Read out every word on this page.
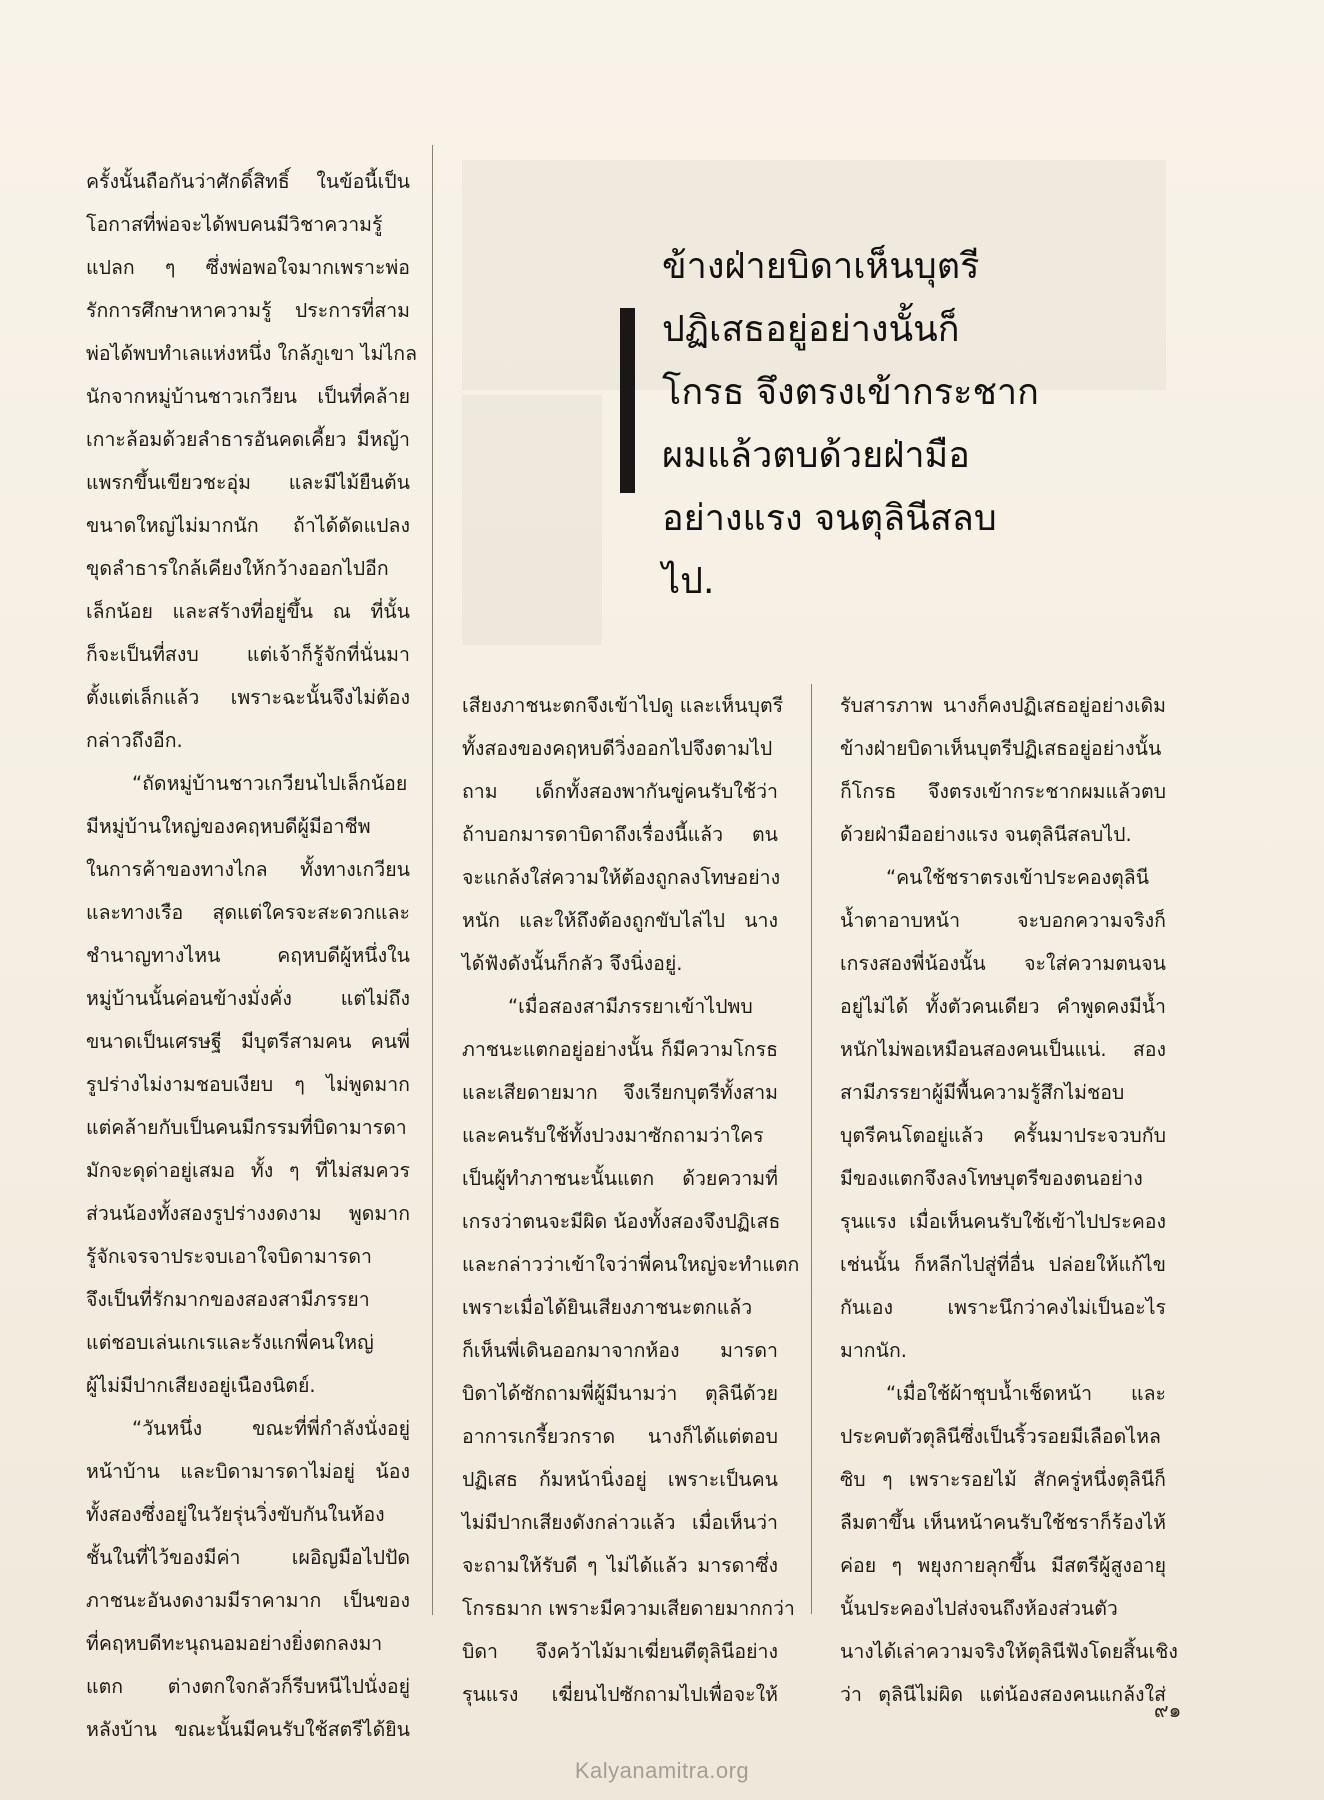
ข้างฝ่ายบิดาเห็นบุตรี

ปฏิเสธอยู่อย่างนั้นก็

โกรธ จึงตรงเข้ากระชาก

ผมแล้วตบด้วยฝ่ามือ

อย่างแรง จนตุลินีสลบ

ไป.

ครั้งนั้นถือกันว่าศักดิ์สิทธิ์ ในข้อนี้เป็น

โอกาสที่พ่อจะได้พบคนมีวิชาความรู้

แปลก ๆ ซึ่งพ่อพอใจมากเพราะพ่อ

รักการศึกษาหาความรู้ ประการที่สาม

พ่อได้พบทำเลแห่งหนึ่ง ใกล้ภูเขา ไม่ไกล

นักจากหมู่บ้านชาวเกวียน เป็นที่คล้าย

เกาะล้อมด้วยลำธารอันคดเคี้ยว มีหญ้า

แพรกขึ้นเขียวชะอุ่ม และมีไม้ยืนต้น

ขนาดใหญ่ไม่มากนัก ถ้าได้ดัดแปลง

ขุดลำธารใกล้เคียงให้กว้างออกไปอีก

เล็กน้อย และสร้างที่อยู่ขึ้น ณ ที่นั้น

ก็จะเป็นที่สงบ แต่เจ้าก็รู้จักที่นั่นมา

ตั้งแต่เล็กแล้ว เพราะฉะนั้นจึงไม่ต้อง

กล่าวถึงอีก.

“ถัดหมู่บ้านชาวเกวียนไปเล็กน้อย

มีหมู่บ้านใหญ่ของคฤหบดีผู้มีอาชีพ

ในการค้าของทางไกล ทั้งทางเกวียน

และทางเรือ สุดแต่ใครจะสะดวกและ

ชำนาญทางไหน คฤหบดีผู้หนึ่งใน

หมู่บ้านนั้นค่อนข้างมั่งคั่ง แต่ไม่ถึง

ขนาดเป็นเศรษฐี มีบุตรีสามคน คนพี่

รูปร่างไม่งามชอบเงียบ ๆ ไม่พูดมาก

แต่คล้ายกับเป็นคนมีกรรมที่บิดามารดา

มักจะดุด่าอยู่เสมอ ทั้ง ๆ ที่ไม่สมควร

ส่วนน้องทั้งสองรูปร่างงดงาม พูดมาก

รู้จักเจรจาประจบเอาใจบิดามารดา

จึงเป็นที่รักมากของสองสามีภรรยา

แต่ชอบเล่นเกเรและรังแกพี่คนใหญ่

ผู้ไม่มีปากเสียงอยู่เนืองนิตย์.

“วันหนึ่ง ขณะที่พี่กำลังนั่งอยู่

หน้าบ้าน และบิดามารดาไม่อยู่ น้อง

ทั้งสองซึ่งอยู่ในวัยรุ่นวิ่งขับกันในห้อง

ชั้นในที่ไว้ของมีค่า เผอิญมือไปปัด

ภาชนะอันงดงามมีราคามาก เป็นของ

ที่คฤหบดีทะนุถนอมอย่างยิ่งตกลงมา

แตก ต่างตกใจกลัวก็รีบหนีไปนั่งอยู่

หลังบ้าน ขณะนั้นมีคนรับใช้สตรีได้ยิน

เสียงภาชนะตกจึงเข้าไปดู และเห็นบุตรี

ทั้งสองของคฤหบดีวิ่งออกไปจึงตามไป

ถาม เด็กทั้งสองพากันขู่คนรับใช้ว่า

ถ้าบอกมารดาบิดาถึงเรื่องนี้แล้ว ตน

จะแกล้งใส่ความให้ต้องถูกลงโทษอย่าง

หนัก และให้ถึงต้องถูกขับไล่ไป นาง

ได้ฟังดังนั้นก็กลัว จึงนิ่งอยู่.

“เมื่อสองสามีภรรยาเข้าไปพบ

ภาชนะแตกอยู่อย่างนั้น ก็มีความโกรธ

และเสียดายมาก จึงเรียกบุตรีทั้งสาม

และคนรับใช้ทั้งปวงมาซักถามว่าใคร

เป็นผู้ทำภาชนะนั้นแตก ด้วยความที่

เกรงว่าตนจะมีผิด น้องทั้งสองจึงปฏิเสธ

และกล่าวว่าเข้าใจว่าพี่คนใหญ่จะทำแตก

เพราะเมื่อได้ยินเสียงภาชนะตกแล้ว

ก็เห็นพี่เดินออกมาจากห้อง มารดา

บิดาได้ซักถามพี่ผู้มีนามว่า ตุลินีด้วย

อาการเกรี้ยวกราด นางก็ได้แต่ตอบ

ปฏิเสธ ก้มหน้านิ่งอยู่ เพราะเป็นคน

ไม่มีปากเสียงดังกล่าวแล้ว เมื่อเห็นว่า

จะถามให้รับดี ๆ ไม่ได้แล้ว มารดาซึ่ง

โกรธมาก เพราะมีความเสียดายมากกว่า

บิดา จึงคว้าไม้มาเฆี่ยนตีตุลินีอย่าง

รุนแรง เฆี่ยนไปซักถามไปเพื่อจะให้

รับสารภาพ นางก็คงปฏิเสธอยู่อย่างเดิม

ข้างฝ่ายบิดาเห็นบุตรีปฏิเสธอยู่อย่างนั้น

ก็โกรธ จึงตรงเข้ากระชากผมแล้วตบ

ด้วยฝ่ามืออย่างแรง จนตุลินีสลบไป.

“คนใช้ชราตรงเข้าประคองตุลินี

น้ำตาอาบหน้า จะบอกความจริงก็

เกรงสองพี่น้องนั้น จะใส่ความตนจน

อยู่ไม่ได้ ทั้งตัวคนเดียว คำพูดคงมีน้ำ

หนักไม่พอเหมือนสองคนเป็นแน่. สอง

สามีภรรยาผู้มีพื้นความรู้สึกไม่ชอบ

บุตรีคนโตอยู่แล้ว ครั้นมาประจวบกับ

มีของแตกจึงลงโทษบุตรีของตนอย่าง

รุนแรง เมื่อเห็นคนรับใช้เข้าไปประคอง

เช่นนั้น ก็หลีกไปสู่ที่อื่น ปล่อยให้แก้ไข

กันเอง เพราะนึกว่าคงไม่เป็นอะไร

มากนัก.

“เมื่อใช้ผ้าชุบน้ำเช็ดหน้า และ

ประคบตัวตุลินีซึ่งเป็นริ้วรอยมีเลือดไหล

ซิบ ๆ เพราะรอยไม้ สักครู่หนึ่งตุลินีก็

ลืมตาขึ้น เห็นหน้าคนรับใช้ชราก็ร้องไห้

ค่อย ๆ พยุงกายลุกขึ้น มีสตรีผู้สูงอายุ

นั้นประคองไปส่งจนถึงห้องส่วนตัว

นางได้เล่าความจริงให้ตุลินีฟังโดยสิ้นเชิง

ว่า ตุลินีไม่ผิด แต่น้องสองคนแกล้งใส่

๙๑
Kalyanamitra.org
